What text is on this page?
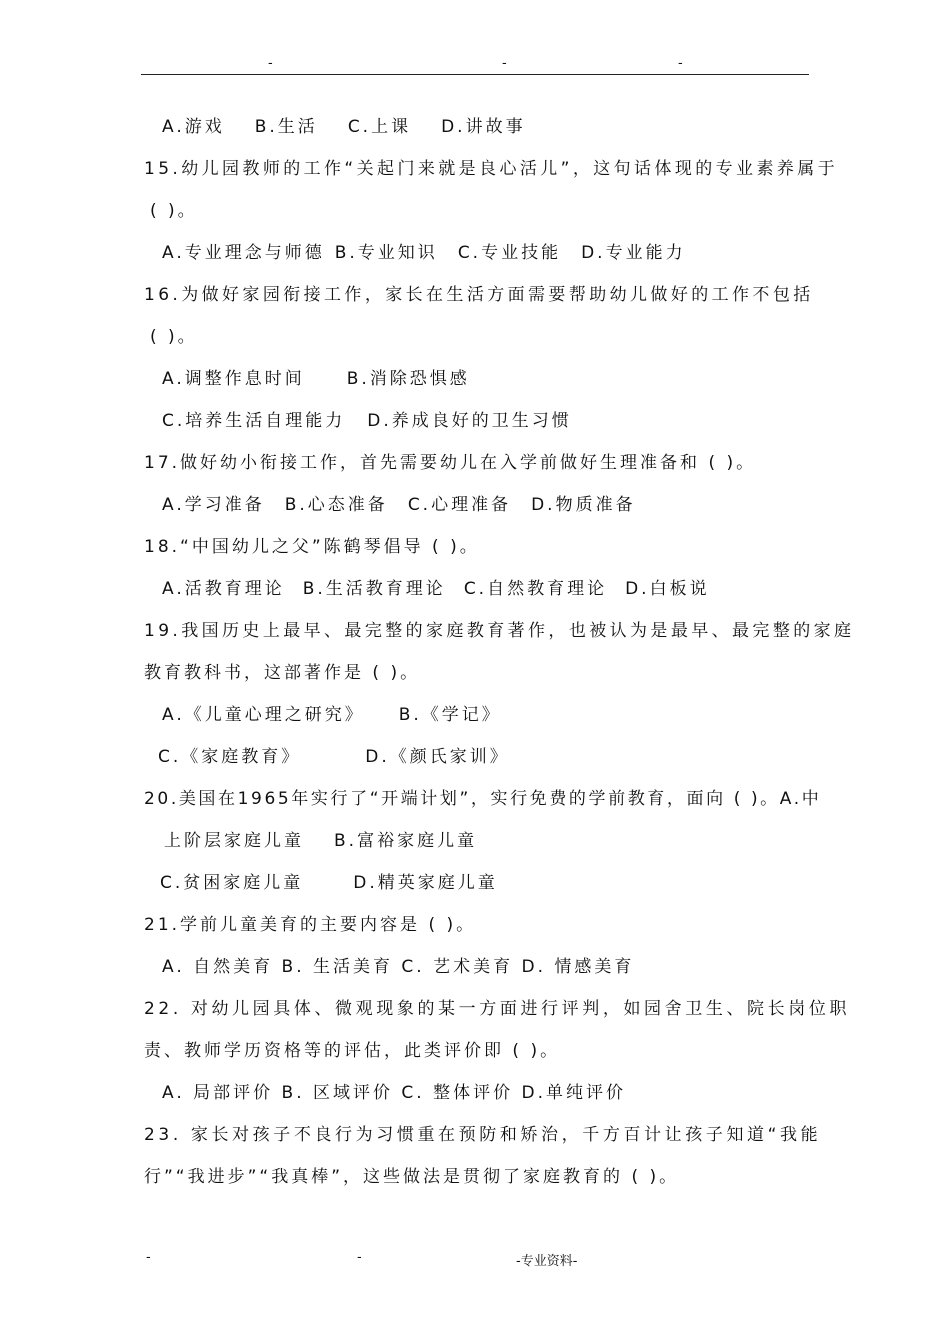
-	-	-
A.游戏 B.生活 C.上课 D.讲故事
15.幼儿园教师的工作“关起门来就是良心活儿”，这句话体现的专业素养属于
( )。
A.专业理念与师德 B.专业知识 C.专业技能 D.专业能力
16.为做好家园衔接工作，家长在生活方面需要帮助幼儿做好的工作不包括
( )。
A.调整作息时间 B.消除恐惧感
C.培养生活自理能力 D.养成良好的卫生习惯
17.做好幼小衔接工作，首先需要幼儿在入学前做好生理准备和 ( )。
A.学习准备 B.心态准备 C.心理准备 D.物质准备
18.“中国幼儿之父”陈鹤琴倡导 ( )。
A.活教育理论 B.生活教育理论 C.自然教育理论 D.白板说
19.我国历史上最早、最完整的家庭教育著作，也被认为是最早、最完整的家庭
教育教科书，这部著作是 ( )。
A.《儿童心理之研究》 B.《学记》
C.《家庭教育》	D.《颜氏家训》
20.美国在1965年实行了“开端计划”，实行免费的学前教育，面向 ( )。A.中
上阶层家庭儿童 B.富裕家庭儿童
C.贫困家庭儿童	D.精英家庭儿童
21.学前儿童美育的主要内容是 ( )。
A. 自然美育 B. 生活美育 C. 艺术美育 D. 情感美育
22. 对幼儿园具体、微观现象的某一方面进行评判，如园舍卫生、院长岗位职
责、教师学历资格等的评估，此类评价即 ( )。
A. 局部评价 B. 区域评价 C. 整体评价 D.单纯评价
23. 家长对孩子不良行为习惯重在预防和矫治，千方百计让孩子知道“我能
行”“我进步”“我真棒”，这些做法是贯彻了家庭教育的 ( )。
-	-	-专业资料-
